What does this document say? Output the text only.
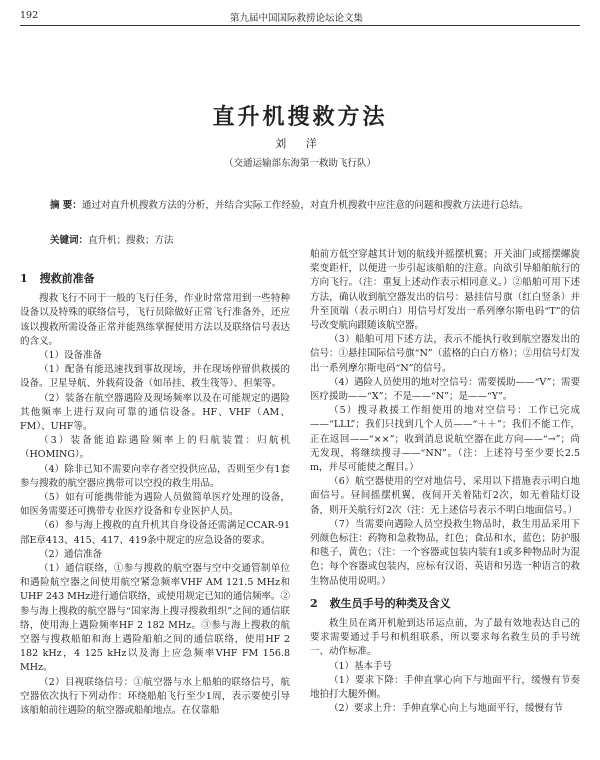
192	第九届中国国际救捞论坛论文集
直升机搜救方法
刘 洋
（交通运输部东海第一救助飞行队）
摘 要：通过对直升机搜救方法的分析，并结合实际工作经验，对直升机搜救中应注意的问题和搜救方法进行总结。
关键词：直升机；搜救；方法
1 搜救前准备

搜救飞行不同于一般的飞行任务，作业时常常用到一些特种设备以及特殊的联络信号，飞行员除做好正常飞行准备外，还应该以搜救所需设备正常并能熟练掌握使用方法以及联络信号表达的含义。

（1）设备准备

（1）配备有能迅速找到事故现场，并在现场停留供救援的设备。卫星导航、外载荷设备（如吊挂、救生筏等）、担架等。

（2）装备在航空器遇险及现场频率以及在可能规定的遇险其他频率上进行双向可靠的通信设备。HF、VHF（AM、FM）、UHF等。

（3）装备能追踪遇险频率上的归航装置：归航机（HOMING）。

（4）除非已知不需要向幸存者空投供应品，否则至少有1套参与搜救的航空器应携带可以空投的救生用品。

（5）如有可能携带能为遇险人员做简单医疗处理的设备，如医务需要还可携带专业医疗设备和专业医护人员。

（6）参与海上搜救的直升机其自身设备还需满足CCAR-91部E章413、415、417、419条中规定的应急设备的要求。

（2）通信准备

（1）通信联络，①参与搜救的航空器与空中交通管制单位和遇险航空器之间使用航空紧急频率VHF AM 121.5 MHz和UHF 243 MHz进行通信联络，或使用规定已知的通信频率。②参与海上搜救的航空器与“国家海上搜寻搜救组织”之间的通信联络，使用海上遇险频率HF 2 182 MHz。③参与海上搜救的航空器与搜救船舶和海上遇险船舶之间的通信联络，使用HF 2 182 kHz，4 125 kHz以及海上应急频率VHF FM 156.8 MHz。

（2）目视联络信号：①航空器与水上船舶的联络信号，航空器依次执行下列动作：环绕船舶飞行至少1周，表示要使引导该船舶前往遇险的航空器或船舶地点。在仅靠船

舶前方低空穿越其计划的航线并摇摆机翼；开关油门或摇摆螺旋桨变距杆，以便进一步引起该船舶的注意。向欲引导船舶航行的方向飞行。（注：重复上述动作表示相同意义。）②船舶可用下述方法，确认收到航空器发出的信号：悬挂信号旗（红白竖条）并升至顶端（表示明白）用信号灯发出一系列摩尔斯电码“T”的信号改变航向跟随该航空器。

（3）船舶可用下述方法，表示不能执行收到航空器发出的信号：①悬挂国际信号旗“N”（蓝格的白白方格）；②用信号灯发出一系列摩尔斯电码“N”的信号。

（4）遇险人员使用的地对空信号：需要援助——“V”；需要医疗援助——“X”；不是——“N”；是——“Y”。

（5）搜寻救援工作组使用的地对空信号：工作已完成——“LLL”；我们只找到几个人员——“＋＋”；我们不能工作，正在返回——“××”；收到消息说航空器在此方向——“→”；尚无发现，将继续搜寻——“NN”。（注：上述符号至少要长2.5 m，并尽可能使之醒目。）

（6）航空器使用的空对地信号，采用以下措施表示明白地面信号。昼间摇摆机翼，夜间开关着陆灯2次，如无着陆灯设备，则开关航行灯2次（注：无上述信号表示不明白地面信号。）

（7）当需要向遇险人员空投救生物品时，救生用品采用下列颜色标注：药物和急救物品，红色；食品和水，蓝色；防护服和毯子，黄色；（注：一个容器或包装内装有1或多种物品时为混色；每个容器或包装内，应标有汉语、英语和另选一种语言的救生物品使用说明。）

2 救生员手号的种类及含义

救生员在离开机舱到达吊运点前，为了最有效地表达自己的要求需要通过手号和机组联系，所以要求每名救生员的手号统一、动作标准。

（1）基本手号

（1）要求下降：手伸直掌心向下与地面平行，缓慢有节奏地拍打大腿外侧。

（2）要求上升：手伸直掌心向上与地面平行，缓慢有节
